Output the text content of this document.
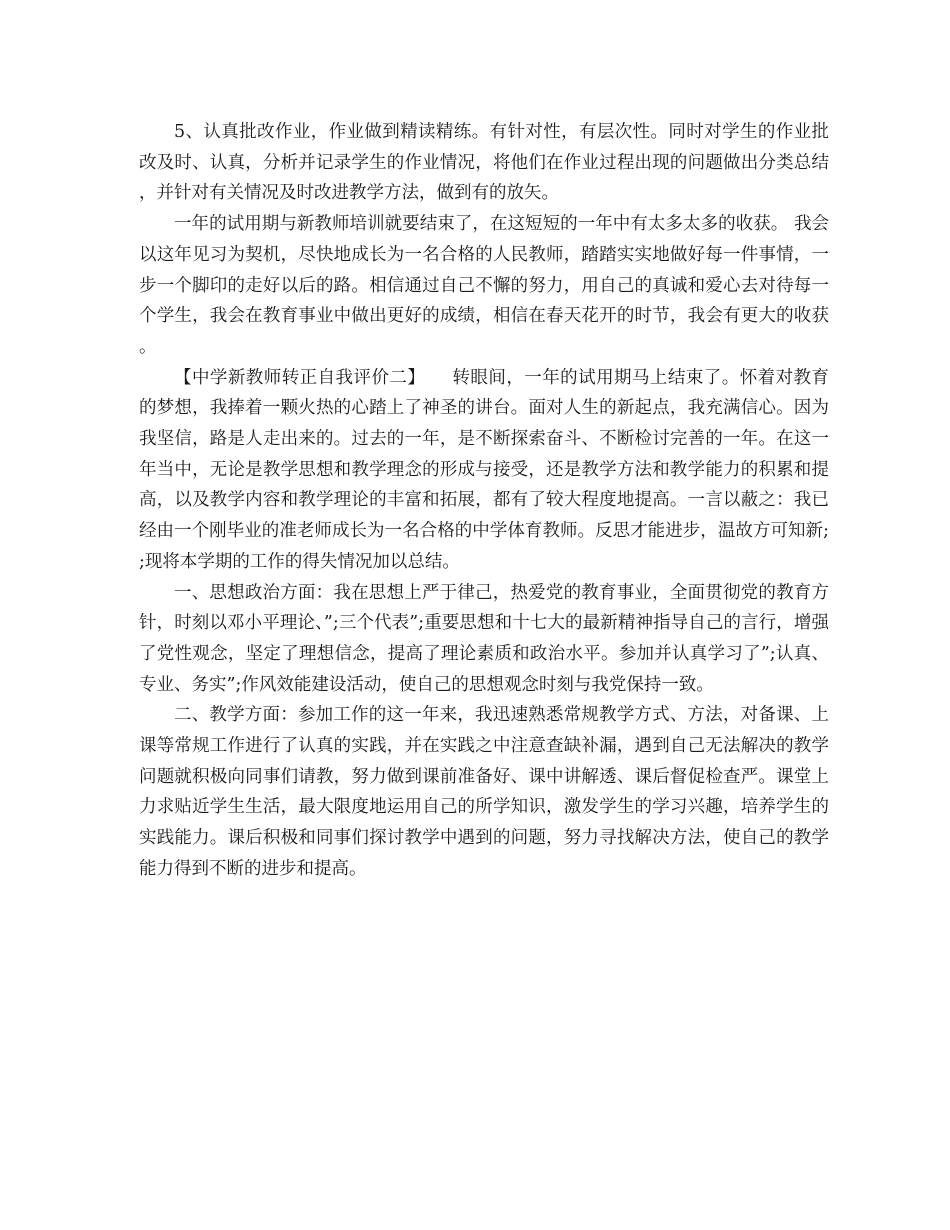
5、认真批改作业，作业做到精读精练。有针对性，有层次性。同时对学生的作业批改及时、认真，分析并记录学生的作业情况，将他们在作业过程出现的问题做出分类总结，并针对有关情况及时改进教学方法，做到有的放矢。

一年的试用期与新教师培训就要结束了，在这短短的一年中有太多太多的收获。 我会以这年见习为契机，尽快地成长为一名合格的人民教师，踏踏实实地做好每一件事情，一步一个脚印的走好以后的路。相信通过自己不懈的努力，用自己的真诚和爱心去对待每一个学生，我会在教育事业中做出更好的成绩，相信在春天花开的时节，我会有更大的收获。

【中学新教师转正自我评价二】　　转眼间，一年的试用期马上结束了。怀着对教育的梦想，我捧着一颗火热的心踏上了神圣的讲台。面对人生的新起点，我充满信心。因为我坚信，路是人走出来的。过去的一年，是不断探索奋斗、不断检讨完善的一年。在这一年当中，无论是教学思想和教学理念的形成与接受，还是教学方法和教学能力的积累和提高，以及教学内容和教学理论的丰富和拓展，都有了较大程度地提高。一言以蔽之：我已经由一个刚毕业的准老师成长为一名合格的中学体育教师。反思才能进步，温故方可知新;;现将本学期的工作的得失情况加以总结。

一、思想政治方面：我在思想上严于律己，热爱党的教育事业，全面贯彻党的教育方针，时刻以邓小平理论、”;三个代表”;重要思想和十七大的最新精神指导自己的言行，增强了党性观念，坚定了理想信念，提高了理论素质和政治水平。参加并认真学习了”;认真、专业、务实”;作风效能建设活动，使自己的思想观念时刻与我党保持一致。

二、教学方面：参加工作的这一年来，我迅速熟悉常规教学方式、方法，对备课、上课等常规工作进行了认真的实践，并在实践之中注意查缺补漏，遇到自己无法解决的教学问题就积极向同事们请教，努力做到课前准备好、课中讲解透、课后督促检查严。课堂上力求贴近学生生活，最大限度地运用自己的所学知识，激发学生的学习兴趣，培养学生的实践能力。课后积极和同事们探讨教学中遇到的问题，努力寻找解决方法，使自己的教学能力得到不断的进步和提高。
